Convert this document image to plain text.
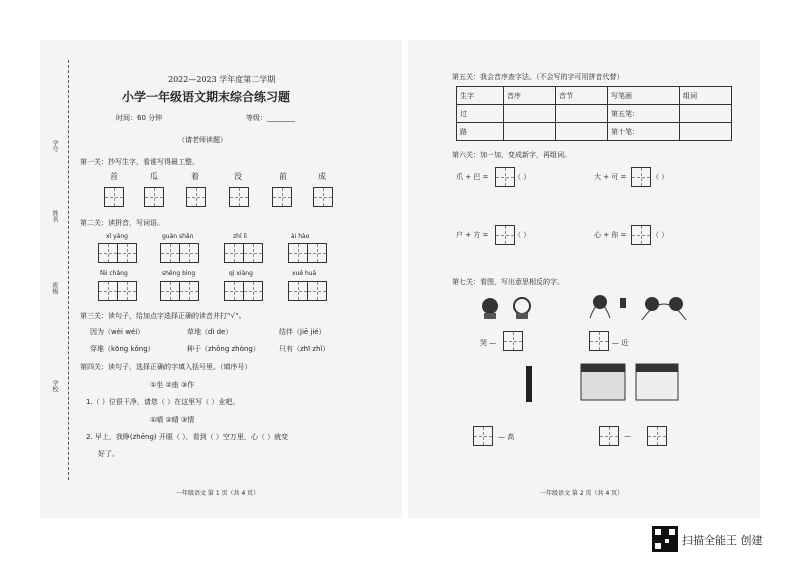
学号
姓名
班级
学校
2022—2023 学年度第二学期
小学一年级语文期末综合练习题
时间：60 分钟	等级：________
（请老师读题）
第一关：抄写生字，看谁写得最工整。
首	瓜	着	没	前	成
第二关：读拼音，写词语。
xǐ yáng	guàn shǎn	zhī lì	ài hào
fēi chǎng	shēng bìng	qì xiāng	xuě huā
第三关：读句子，给加点字选择正确的读音并打“√”。
因为（wèi wéi）	草地（dì de）	结伴（jiē jié）
穿堆（kōng kǒng）	种于（zhǒng zhòng）	只有（zhī zhǐ）
第四关：读句子，选择正确的字填入括号里。（填序号）
①坐 ②座 ③作
1.（ ）位很干净，请您（ ）在这里写（ ）业吧。
①晴 ②晴 ③情
2. 早上，我睁(zhēng) 开眼（ ），看到（ ）空万里，心（ ）就变
好了。
一年级语文 第 1 页（共 4 页）
第五关：我会音序查字法。（不会写的字可用拼音代替）
生字	音序	音节	写笔画	组词
过			第五笔：	
路			第十笔：	
第六关：加一加，变成新字，再组词。
爪 + 巴 =	（ ）	大 + 可 =	（ ）
户 + 方 =	（ ）	心 + 你 =	（ ）
第七关：看图，写出意思相反的字。
哭 —	— 近
— 高	—
一年级语文 第 2 页（共 4 页）
扫描全能王 创建
